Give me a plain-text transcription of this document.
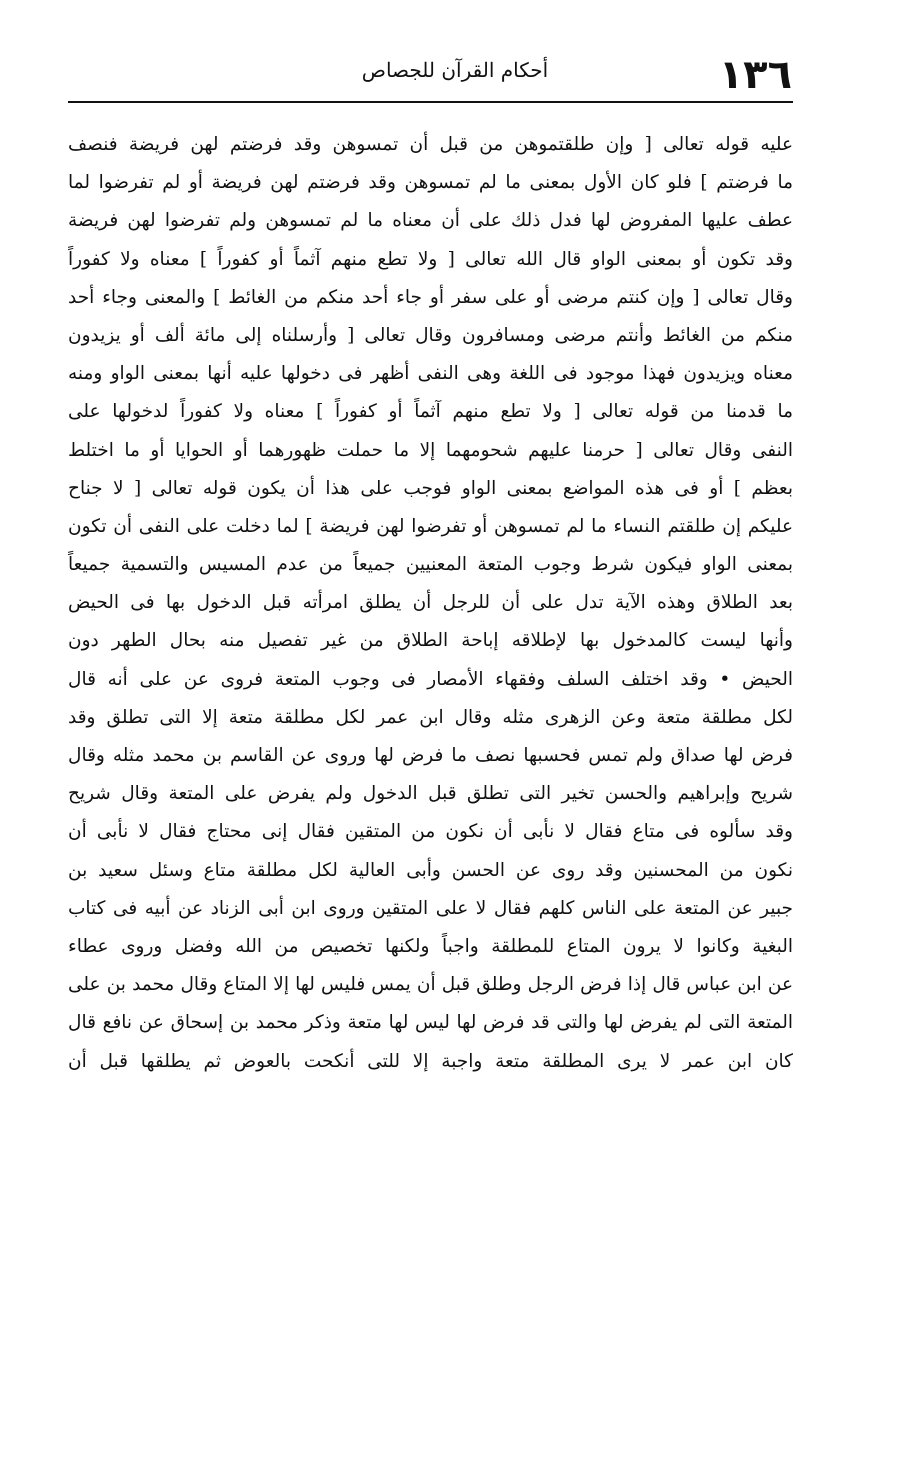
١٣٦
أحكام القرآن للجصاص
عليه قوله تعالى [ وإن طلقتموهن من قبل أن تمسوهن وقد فرضتم لهن فريضة فنصف
ما فرضتم ] فلو كان الأول بمعنى ما لم تمسوهن وقد فرضتم لهن فريضة أو لم تفرضوا لما
عطف عليها المفروض لها فدل ذلك على أن معناه ما لم تمسوهن ولم تفرضوا لهن فريضة
وقد تكون أو بمعنى الواو قال الله تعالى [ ولا تطع منهم آثماً أو كفوراً ] معناه ولا كفوراً
وقال تعالى [ وإن كنتم مرضى أو على سفر أو جاء أحد منكم من الغائط ] والمعنى وجاء أحد
منكم من الغائط وأنتم مرضى ومسافرون وقال تعالى [ وأرسلناه إلى مائة ألف أو يزيدون
معناه ويزيدون فهذا موجود فى اللغة وهى النفى أظهر فى دخولها عليه أنها بمعنى الواو ومنه
ما قدمنا من قوله تعالى [ ولا تطع منهم آثماً أو كفوراً ] معناه ولا كفوراً لدخولها على
النفى وقال تعالى [ حرمنا عليهم شحومهما إلا ما حملت ظهورهما أو الحوايا أو ما اختلط
بعظم ] أو فى هذه المواضع بمعنى الواو فوجب على هذا أن يكون قوله تعالى [ لا جناح
عليكم إن طلقتم النساء ما لم تمسوهن أو تفرضوا لهن فريضة ] لما دخلت على النفى أن تكون
بمعنى الواو فيكون شرط وجوب المتعة المعنيين جميعاً من عدم المسيس والتسمية جميعاً
بعد الطلاق وهذه الآية تدل على أن للرجل أن يطلق امرأته قبل الدخول بها فى الحيض
وأنها ليست كالمدخول بها لإطلاقه إباحة الطلاق من غير تفصيل منه بحال الطهر دون
الحيض • وقد اختلف السلف وفقهاء الأمصار فى وجوب المتعة فروى عن على أنه قال
لكل مطلقة متعة وعن الزهرى مثله وقال ابن عمر لكل مطلقة متعة إلا التى تطلق وقد
فرض لها صداق ولم تمس فحسبها نصف ما فرض لها وروى عن القاسم بن محمد مثله وقال
شريح وإبراهيم والحسن تخير التى تطلق قبل الدخول ولم يفرض على المتعة وقال شريح
وقد سألوه فى متاع فقال لا نأبى أن نكون من المتقين فقال إنى محتاج فقال لا نأبى أن
نكون من المحسنين وقد روى عن الحسن وأبى العالية لكل مطلقة متاع وسئل سعيد بن
جبير عن المتعة على الناس كلهم فقال لا على المتقين وروى ابن أبى الزناد عن أبيه فى كتاب
البغية وكانوا لا يرون المتاع للمطلقة واجباً ولكنها تخصيص من الله وفضل وروى عطاء
عن ابن عباس قال إذا فرض الرجل وطلق قبل أن يمس فليس لها إلا المتاع وقال محمد بن على
المتعة التى لم يفرض لها والتى قد فرض لها ليس لها متعة وذكر محمد بن إسحاق عن نافع قال
كان ابن عمر لا يرى المطلقة متعة واجبة إلا للتى أنكحت بالعوض ثم يطلقها قبل أن
